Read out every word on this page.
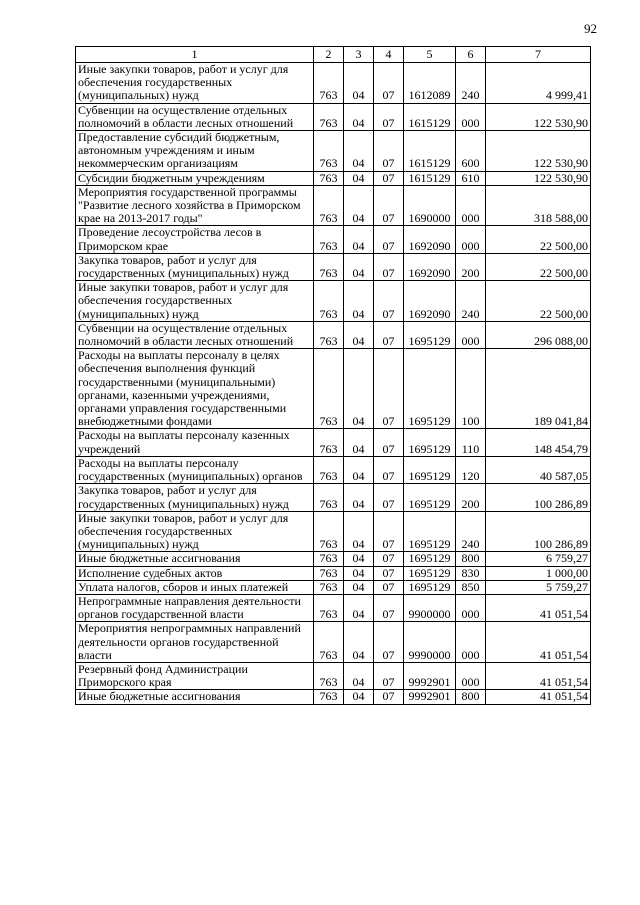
92
1	2	3	4	5	6	7
Иные закупки товаров, работ и услуг для обеспечения государственных (муниципальных) нужд	763	04	07	1612089	240	4 999,41
Субвенции на осуществление отдельных полномочий в области лесных отношений	763	04	07	1615129	000	122 530,90
Предоставление субсидий бюджетным, автономным учреждениям и иным некоммерческим организациям	763	04	07	1615129	600	122 530,90
Субсидии бюджетным учреждениям	763	04	07	1615129	610	122 530,90
Мероприятия государственной программы "Развитие лесного хозяйства в Приморском крае на 2013-2017 годы"	763	04	07	1690000	000	318 588,00
Проведение лесоустройства лесов в Приморском крае	763	04	07	1692090	000	22 500,00
Закупка товаров, работ и услуг для государственных (муниципальных) нужд	763	04	07	1692090	200	22 500,00
Иные закупки товаров, работ и услуг для обеспечения государственных (муниципальных) нужд	763	04	07	1692090	240	22 500,00
Субвенции на осуществление отдельных полномочий в области лесных отношений	763	04	07	1695129	000	296 088,00
Расходы на выплаты персоналу в целях обеспечения выполнения функций государственными (муниципальными) органами, казенными учреждениями, органами управления государственными внебюджетными фондами	763	04	07	1695129	100	189 041,84
Расходы на выплаты персоналу казенных учреждений	763	04	07	1695129	110	148 454,79
Расходы на выплаты персоналу государственных (муниципальных) органов	763	04	07	1695129	120	40 587,05
Закупка товаров, работ и услуг для государственных (муниципальных) нужд	763	04	07	1695129	200	100 286,89
Иные закупки товаров, работ и услуг для обеспечения государственных (муниципальных) нужд	763	04	07	1695129	240	100 286,89
Иные бюджетные ассигнования	763	04	07	1695129	800	6 759,27
Исполнение судебных актов	763	04	07	1695129	830	1 000,00
Уплата налогов, сборов и иных платежей	763	04	07	1695129	850	5 759,27
Непрограммные направления деятельности органов государственной власти	763	04	07	9900000	000	41 051,54
Мероприятия непрограммных направлений деятельности органов государственной власти	763	04	07	9990000	000	41 051,54
Резервный фонд Администрации Приморского края	763	04	07	9992901	000	41 051,54
Иные бюджетные ассигнования	763	04	07	9992901	800	41 051,54
